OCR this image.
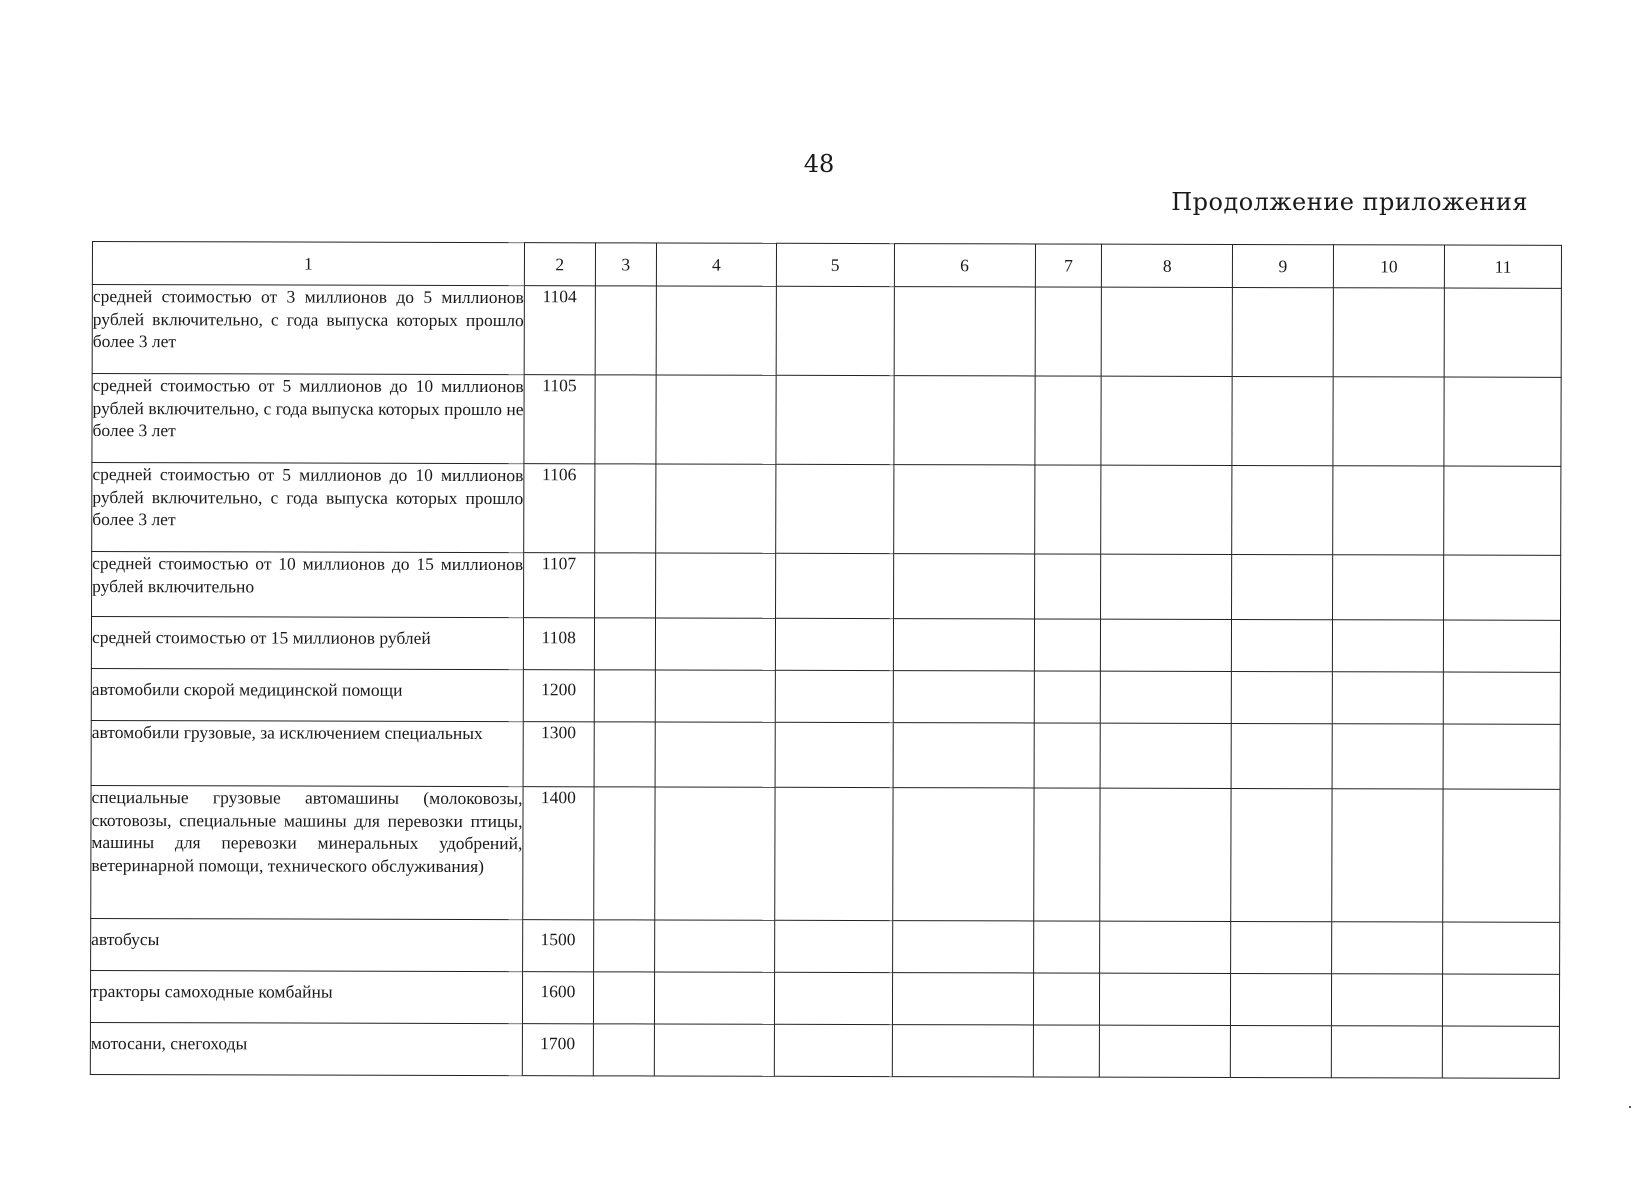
48
Продолжение приложения
1	2	3	4	5	6	7	8	9	10	11
средней стоимостью от 3 миллионов до 5 миллионов рублей включительно, с года выпуска которых прошло более 3 лет	1104									
средней стоимостью от 5 миллионов до 10 миллионов рублей включительно, с года выпуска которых прошло не более 3 лет	1105									
средней стоимостью от 5 миллионов до 10 миллионов рублей включительно, с года выпуска которых прошло более 3 лет	1106									
средней стоимостью от 10 миллионов до 15 миллионов рублей включительно	1107									
средней стоимостью от 15 миллионов рублей	1108									
автомобили скорой медицинской помощи	1200									
автомобили грузовые, за исключением специальных	1300									
специальные грузовые автомашины (молоковозы, скотовозы, специальные машины для перевозки птицы, машины для перевозки минеральных удобрений, ветеринарной помощи, технического обслуживания)	1400									
автобусы	1500									
тракторы самоходные комбайны	1600									
мотосани, снегоходы	1700									
